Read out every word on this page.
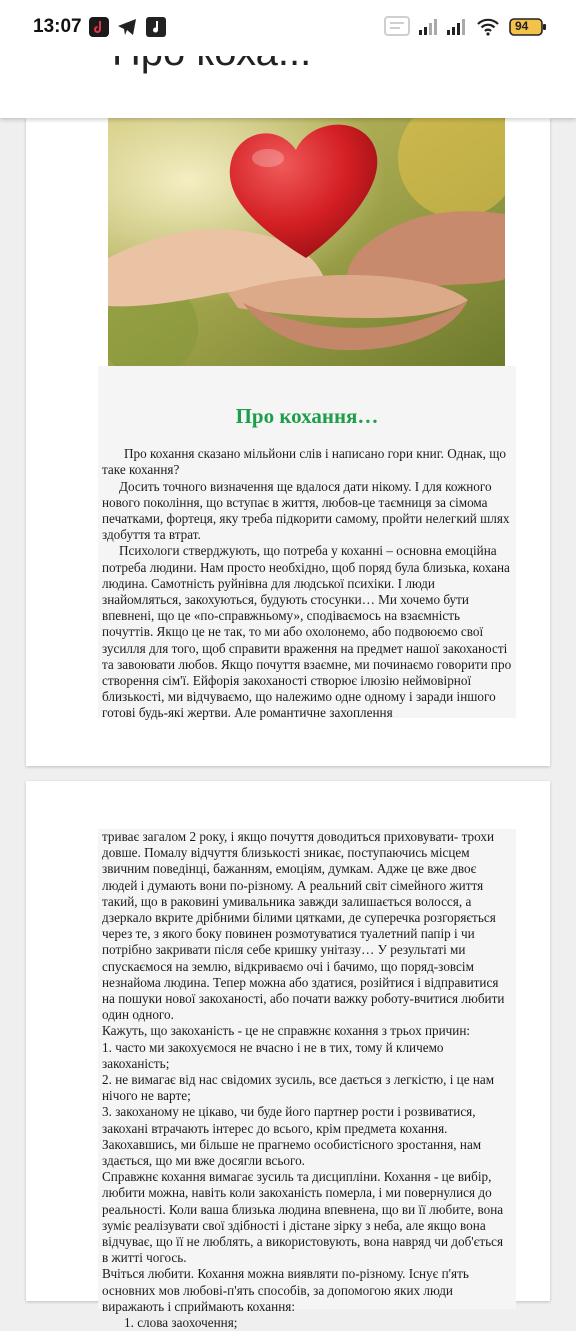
13:07	94
Про кохання…

Про кохання сказано мільйони слів і написано гори книг. Однак, що таке кохання?

Досить точного визначення ще вдалося дати нікому. І для кожного нового покоління, що вступає в життя, любов-це таємниця за сімома печатками, фортеця, яку треба підкорити самому, пройти нелегкий шлях здобуття та втрат.

Психологи стверджують, що потреба у коханні – основна емоційна потреба людини. Нам просто необхідно, щоб поряд була близька, кохана людина. Самотність руйнівна для людської психіки. І люди знайомляться, закохуються, будують стосунки… Ми хочемо бути впевнені, що це «по-справжньому», сподіваємось на взаємність почуттів. Якщо це не так, то ми або охолонемо, або подвоюємо свої зусилля для того, щоб справити враження на предмет нашої закоханості та завоювати любов. Якщо почуття взаємне, ми починаємо говорити про створення сім'ї. Ейфорія закоханості створює ілюзію неймовірної близькості, ми відчуваємо, що належимо одне одному і заради іншого готові будь-які жертви. Але романтичне захоплення

триває загалом 2 року, і якщо почуття доводиться приховувати- трохи довше. Помалу відчуття близькості зникає, поступаючись місцем звичним поведінці, бажанням, емоціям, думкам. Адже це вже двоє людей і думають вони по-різному. А реальний світ сімейного життя такий, що в раковині умивальника завжди залишається волосся, а дзеркало вкрите дрібними білими цятками, де суперечка розгоряється через те, з якого боку повинен розмотуватися туалетний папір і чи потрібно закривати після себе кришку унітазу… У результаті ми спускаємося на землю, відкриваємо очі і бачимо, що поряд-зовсім незнайома людина. Тепер можна або здатися, розійтися і відправитися на пошуки нової закоханості, або почати важку роботу-вчитися любити один одного.

Кажуть, що закоханість - це не справжнє кохання з трьох причин:

1. часто ми закохуємося не вчасно і не в тих, тому й кличемо закоханість;

2. не вимагає від нас свідомих зусиль, все дається з легкістю, і це нам нічого не варте;

3. закоханому не цікаво, чи буде його партнер рости і розвиватися, закохані втрачають інтерес до всього, крім предмета кохання. Закохавшись, ми більше не прагнемо особистісного зростання, нам здається, що ми вже досягли всього.

Справжнє кохання вимагає зусиль та дисципліни. Кохання - це вибір, любити можна, навіть коли закоханість померла, і ми повернулися до реальності. Коли ваша близька людина впевнена, що ви її любите, вона зуміє реалізувати свої здібності і дістане зірку з неба, але якщо вона відчуває, що її не люблять, а використовують, вона навряд чи доб'ється в житті чогось.

Вчіться любити. Кохання можна виявляти по-різному. Існує п'ять основних мов любові-п'ять способів, за допомогою яких люди виражають і сприймають кохання:

1. слова заохочення;
